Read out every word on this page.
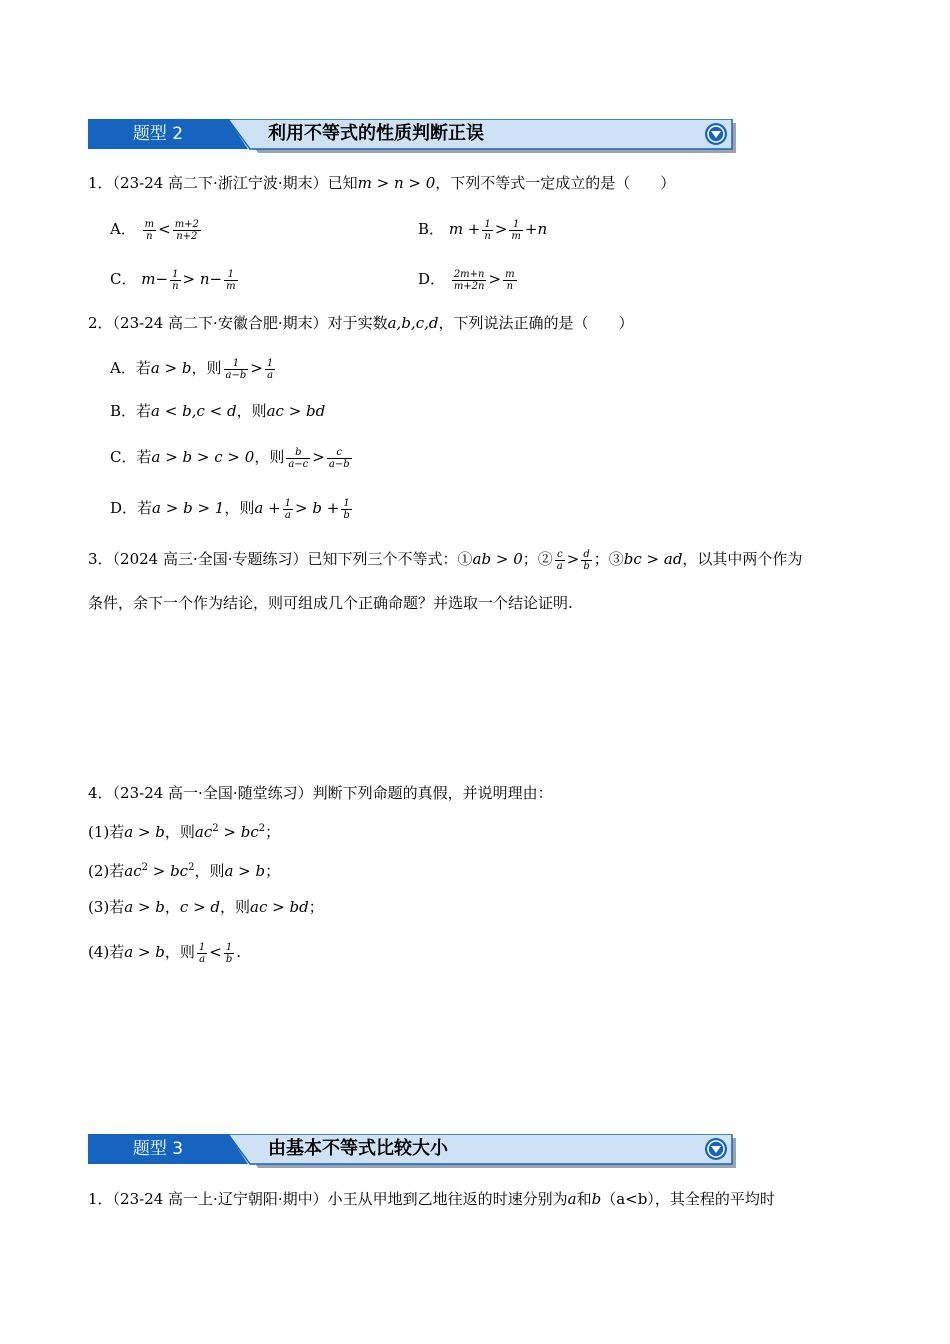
题型 2	利用不等式的性质判断正误
1．（23-24 高二下·浙江宁波·期末）已知m > n > 0，下列不等式一定成立的是（　　）
A． $\frac{m}{n} < \frac{m+2}{n+2}$	B． $m + \frac{1}{n} > \frac{1}{m} +n$
C． $m- \frac{1}{n} > n- \frac{1}{m}$	D． $\frac{2m+n}{m+2n} > \frac{m}{n}$
2．（23-24 高二下·安徽合肥·期末）对于实数a,b,c,d，下列说法正确的是（　　）
A．若a > b，则 $\frac{1}{a-b} > \frac{1}{a}$
B．若a < b,c < d，则ac > bd
C．若a > b > c > 0，则 $\frac{b}{a-c} > \frac{c}{a-b}$
D．若a > b > 1，则$a + \frac{1}{a} > b + \frac{1}{b}$
3．（2024 高三·全国·专题练习）已知下列三个不等式：①ab > 0；② $\frac{c}{a} > \frac{d}{b}$ ；③bc > ad，以其中两个作为
条件，余下一个作为结论，则可组成几个正确命题？并选取一个结论证明.
4．（23-24 高一·全国·随堂练习）判断下列命题的真假，并说明理由：
(1)若a > b，则$ac^2 > bc^2$；
(2)若$ac^2 > bc^2$，则a > b；
(3)若a > b，c > d，则ac > bd；
(4)若a > b，则 $\frac{1}{a} < \frac{1}{b}$ .
题型 3	由基本不等式比较大小
1．（23-24 高一上·辽宁朝阳·期中）小王从甲地到乙地往返的时速分别为a和b（a<b），其全程的平均时
